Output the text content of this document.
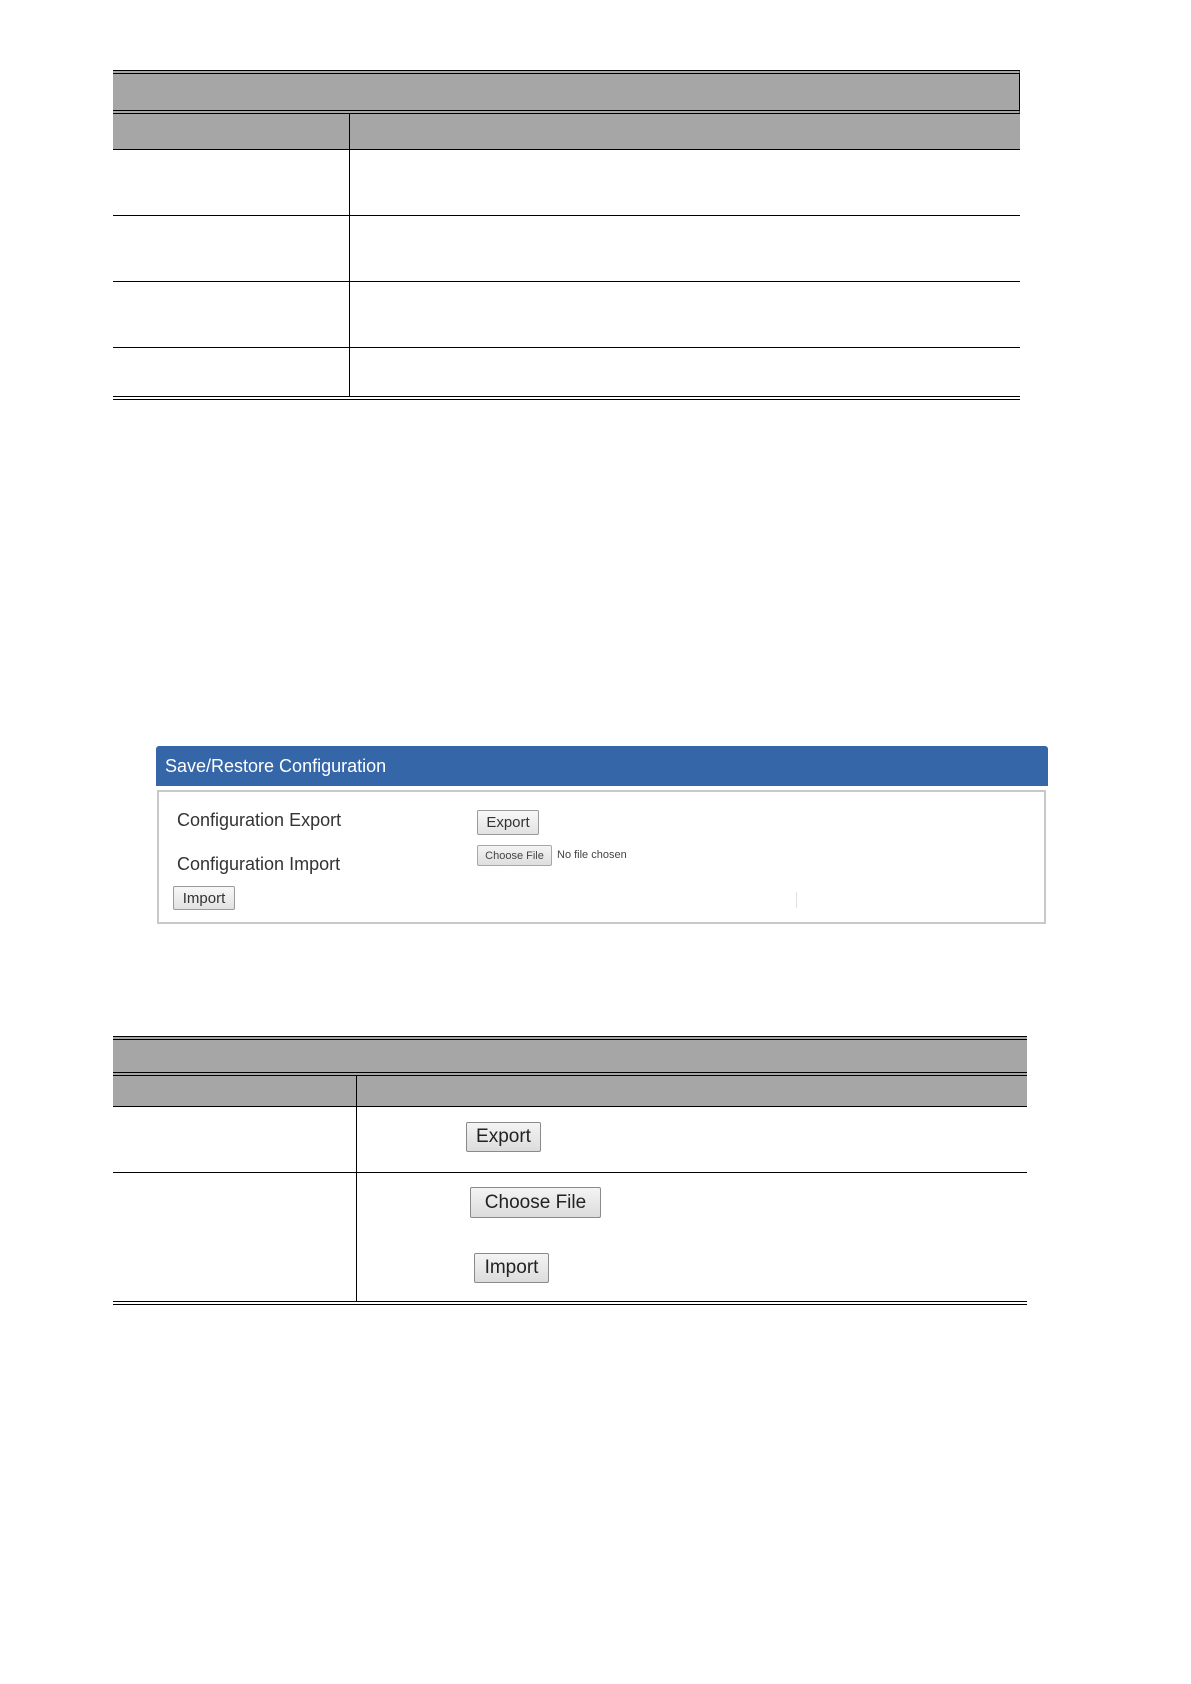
Save/Restore Configuration
Configuration Export	Export
Configuration Import	Choose File	No file chosen
Import
Export
Choose File
Import
